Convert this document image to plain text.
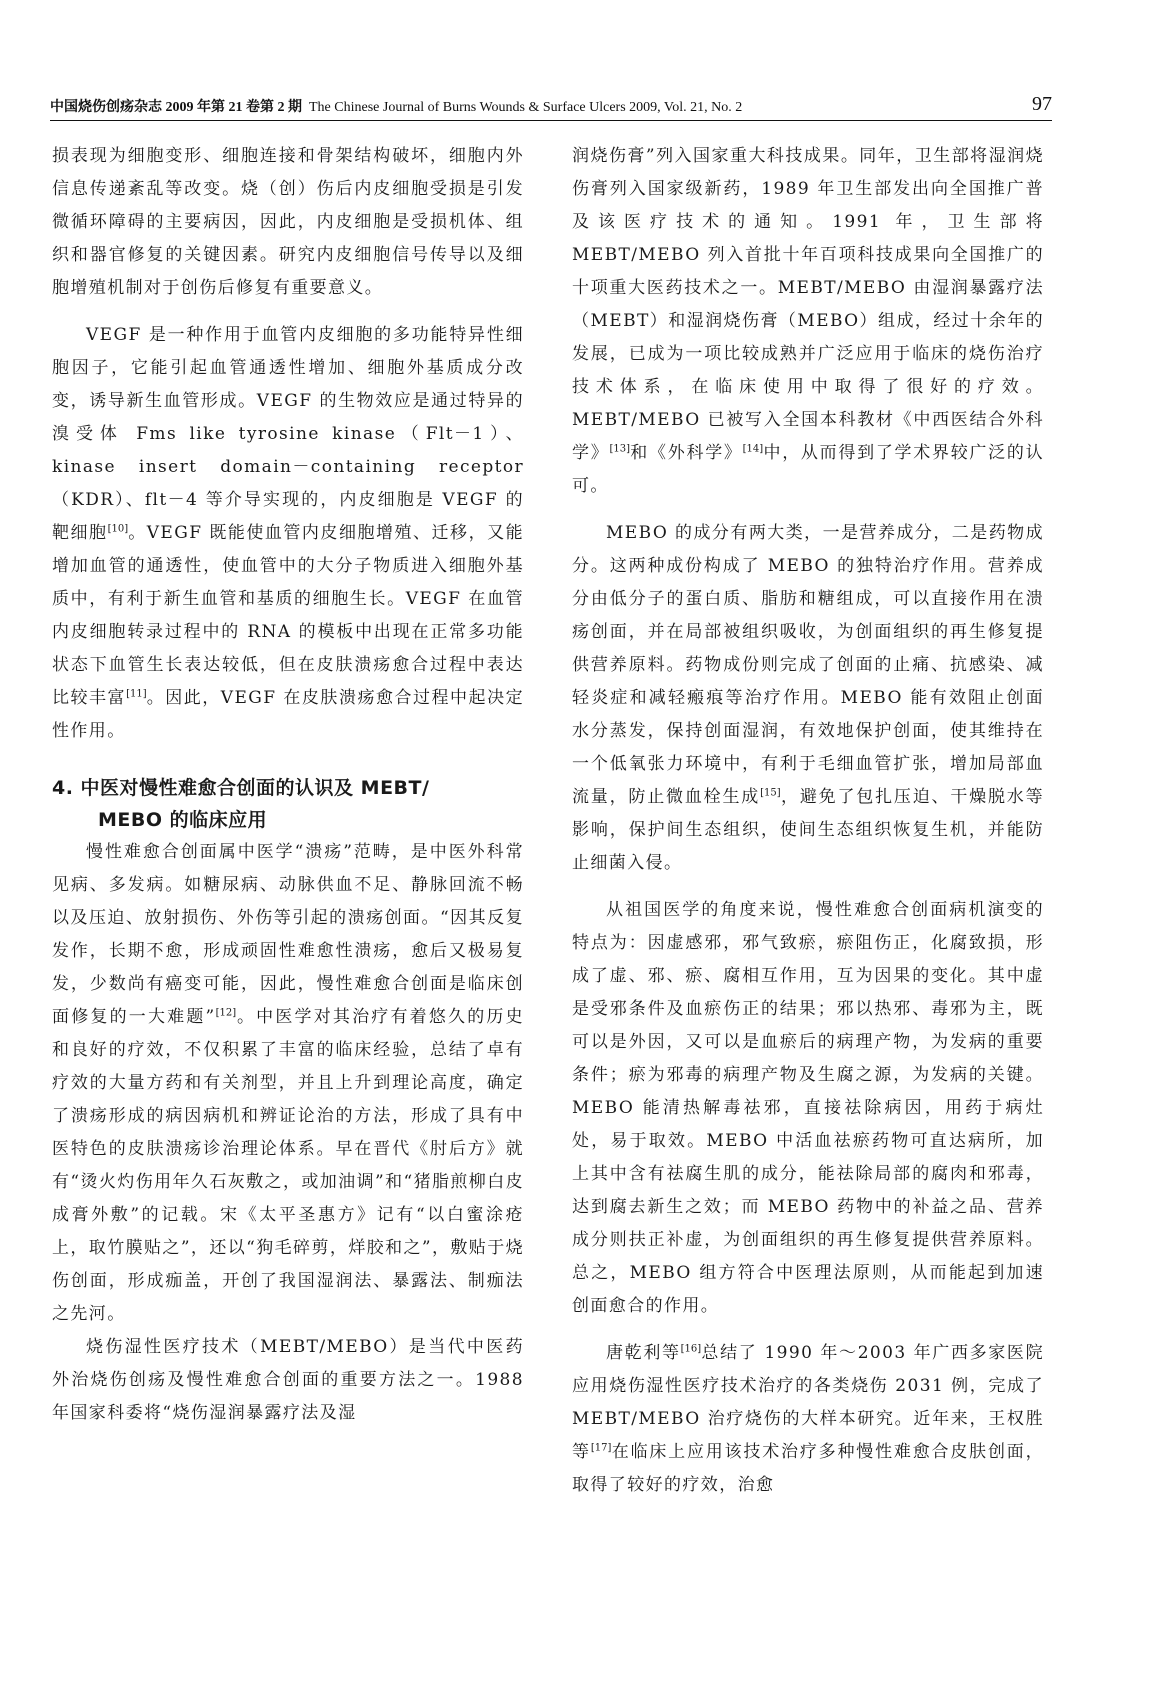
中国烧伤创疡杂志 2009 年第 21 卷第 2 期 The Chinese Journal of Burns Wounds & Surface Ulcers 2009, Vol. 21, No. 2	97

损表现为细胞变形、细胞连接和骨架结构破坏，细胞内外信息传递紊乱等改变。烧（创）伤后内皮细胞受损是引发微循环障碍的主要病因，因此，内皮细胞是受损机体、组织和器官修复的关键因素。研究内皮细胞信号传导以及细胞增殖机制对于创伤后修复有重要意义。

VEGF 是一种作用于血管内皮细胞的多功能特异性细胞因子，它能引起血管通透性增加、细胞外基质成分改变，诱导新生血管形成。VEGF 的生物效应是通过特异的溴受体 Fms like tyrosine kinase（Flt－1）、kinase insert domain－containing receptor（KDR）、flt－4 等介导实现的，内皮细胞是 VEGF 的靶细胞[10]。VEGF 既能使血管内皮细胞增殖、迁移，又能增加血管的通透性，使血管中的大分子物质进入细胞外基质中，有利于新生血管和基质的细胞生长。VEGF 在血管内皮细胞转录过程中的 RNA 的模板中出现在正常多功能状态下血管生长表达较低，但在皮肤溃疡愈合过程中表达比较丰富[11]。因此，VEGF 在皮肤溃疡愈合过程中起决定性作用。

4. 中医对慢性难愈合创面的认识及 MEBT/
MEBO 的临床应用

慢性难愈合创面属中医学“溃疡”范畴，是中医外科常见病、多发病。如糖尿病、动脉供血不足、静脉回流不畅以及压迫、放射损伤、外伤等引起的溃疡创面。“因其反复发作，长期不愈，形成顽固性难愈性溃疡，愈后又极易复发，少数尚有癌变可能，因此，慢性难愈合创面是临床创面修复的一大难题”[12]。中医学对其治疗有着悠久的历史和良好的疗效，不仅积累了丰富的临床经验，总结了卓有疗效的大量方药和有关剂型，并且上升到理论高度，确定了溃疡形成的病因病机和辨证论治的方法，形成了具有中医特色的皮肤溃疡诊治理论体系。早在晋代《肘后方》就有“烫火灼伤用年久石灰敷之，或加油调”和“猪脂煎柳白皮成膏外敷”的记载。宋《太平圣惠方》记有“以白蜜涂疮上，取竹膜贴之”，还以“狗毛碎剪，烊胶和之”，敷贴于烧伤创面，形成痂盖，开创了我国湿润法、暴露法、制痂法之先河。

烧伤湿性医疗技术（MEBT/MEBO）是当代中医药外治烧伤创疡及慢性难愈合创面的重要方法之一。1988 年国家科委将“烧伤湿润暴露疗法及湿

润烧伤膏”列入国家重大科技成果。同年，卫生部将湿润烧伤膏列入国家级新药，1989 年卫生部发出向全国推广普及该医疗技术的通知。1991 年，卫生部将 MEBT/MEBO 列入首批十年百项科技成果向全国推广的十项重大医药技术之一。MEBT/MEBO 由湿润暴露疗法（MEBT）和湿润烧伤膏（MEBO）组成，经过十余年的发展，已成为一项比较成熟并广泛应用于临床的烧伤治疗技术体系，在临床使用中取得了很好的疗效。MEBT/MEBO 已被写入全国本科教材《中西医结合外科学》[13]和《外科学》[14]中，从而得到了学术界较广泛的认可。

MEBO 的成分有两大类，一是营养成分，二是药物成分。这两种成份构成了 MEBO 的独特治疗作用。营养成分由低分子的蛋白质、脂肪和糖组成，可以直接作用在溃疡创面，并在局部被组织吸收，为创面组织的再生修复提供营养原料。药物成份则完成了创面的止痛、抗感染、减轻炎症和减轻瘢痕等治疗作用。MEBO 能有效阻止创面水分蒸发，保持创面湿润，有效地保护创面，使其维持在一个低氧张力环境中，有利于毛细血管扩张，增加局部血流量，防止微血栓生成[15]，避免了包扎压迫、干燥脱水等影响，保护间生态组织，使间生态组织恢复生机，并能防止细菌入侵。

从祖国医学的角度来说，慢性难愈合创面病机演变的特点为：因虚感邪，邪气致瘀，瘀阻伤正，化腐致损，形成了虚、邪、瘀、腐相互作用，互为因果的变化。其中虚是受邪条件及血瘀伤正的结果；邪以热邪、毒邪为主，既可以是外因，又可以是血瘀后的病理产物，为发病的重要条件；瘀为邪毒的病理产物及生腐之源，为发病的关键。MEBO 能清热解毒祛邪，直接祛除病因，用药于病灶处，易于取效。MEBO 中活血祛瘀药物可直达病所，加上其中含有祛腐生肌的成分，能祛除局部的腐肉和邪毒，达到腐去新生之效；而 MEBO 药物中的补益之品、营养成分则扶正补虚，为创面组织的再生修复提供营养原料。总之，MEBO 组方符合中医理法原则，从而能起到加速创面愈合的作用。

唐乾利等[16]总结了 1990 年～2003 年广西多家医院应用烧伤湿性医疗技术治疗的各类烧伤 2031 例，完成了 MEBT/MEBO 治疗烧伤的大样本研究。近年来，王权胜等[17]在临床上应用该技术治疗多种慢性难愈合皮肤创面，取得了较好的疗效，治愈
